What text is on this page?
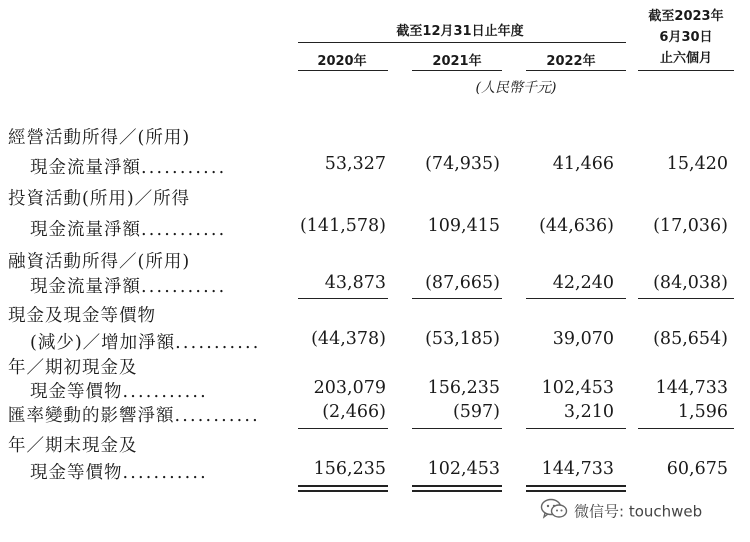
截至12月31日止年度
截至2023年
6月30日
止六個月
2020年	2021年	2022年
(人民幣千元)
經營活動所得／(所用)
現金流量淨額...........	53,327	(74,935)	41,466	15,420
投資活動(所用)／所得
現金流量淨額...........	(141,578)	109,415	(44,636)	(17,036)
融資活動所得／(所用)
現金流量淨額...........	43,873	(87,665)	42,240	(84,038)
現金及現金等價物
(減少)／增加淨額...........	(44,378)	(53,185)	39,070	(85,654)
年／期初現金及
現金等價物...........	203,079	156,235	102,453	144,733
匯率變動的影響淨額...........	(2,466)	(597)	3,210	1,596
年／期末現金及
現金等價物...........	156,235	102,453	144,733	60,675
微信号: touchweb
